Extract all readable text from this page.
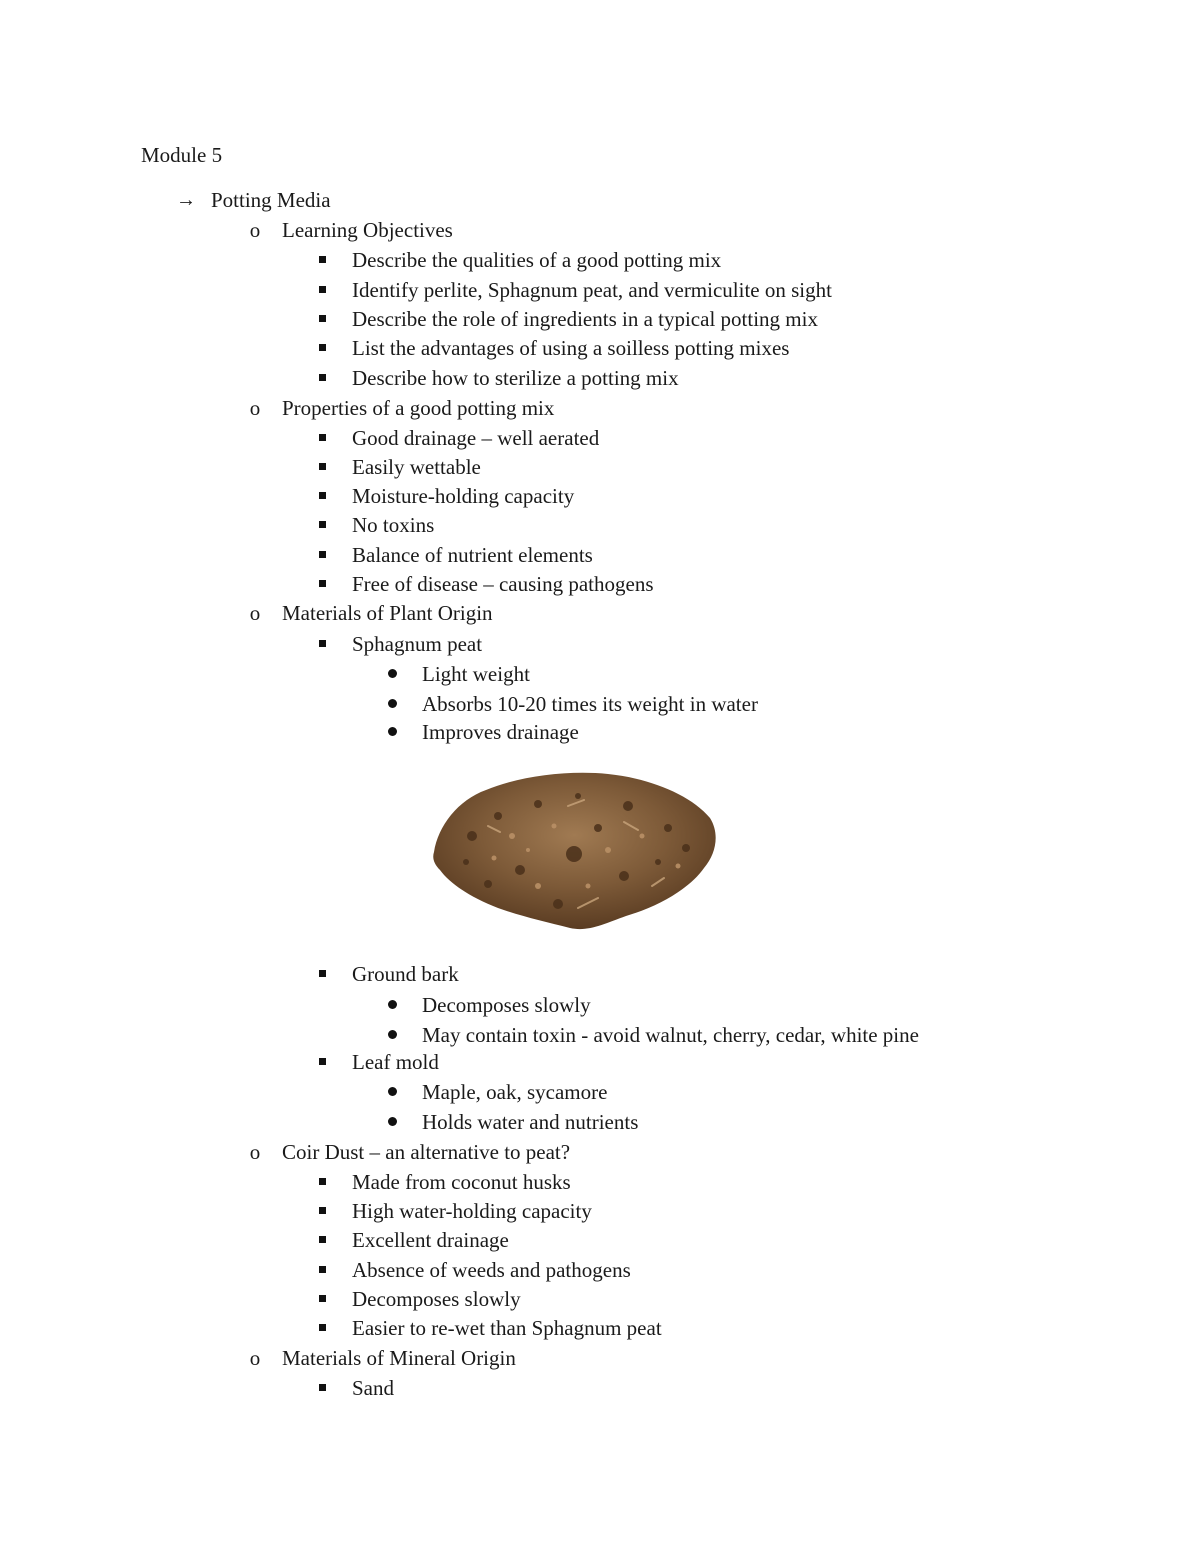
Module 5
→ Potting Media
o Learning Objectives
Describe the qualities of a good potting mix
Identify perlite, Sphagnum peat, and vermiculite on sight
Describe the role of ingredients in a typical potting mix
List the advantages of using a soilless potting mixes
Describe how to sterilize a potting mix
o Properties of a good potting mix
Good drainage – well aerated
Easily wettable
Moisture-holding capacity
No toxins
Balance of nutrient elements
Free of disease – causing pathogens
o Materials of Plant Origin
Sphagnum peat
Light weight
Absorbs 10-20 times its weight in water
Improves drainage
Ground bark
Decomposes slowly
May contain toxin - avoid walnut, cherry, cedar, white pine
Leaf mold
Maple, oak, sycamore
Holds water and nutrients
o Coir Dust – an alternative to peat?
Made from coconut husks
High water-holding capacity
Excellent drainage
Absence of weeds and pathogens
Decomposes slowly
Easier to re-wet than Sphagnum peat
o Materials of Mineral Origin
Sand
